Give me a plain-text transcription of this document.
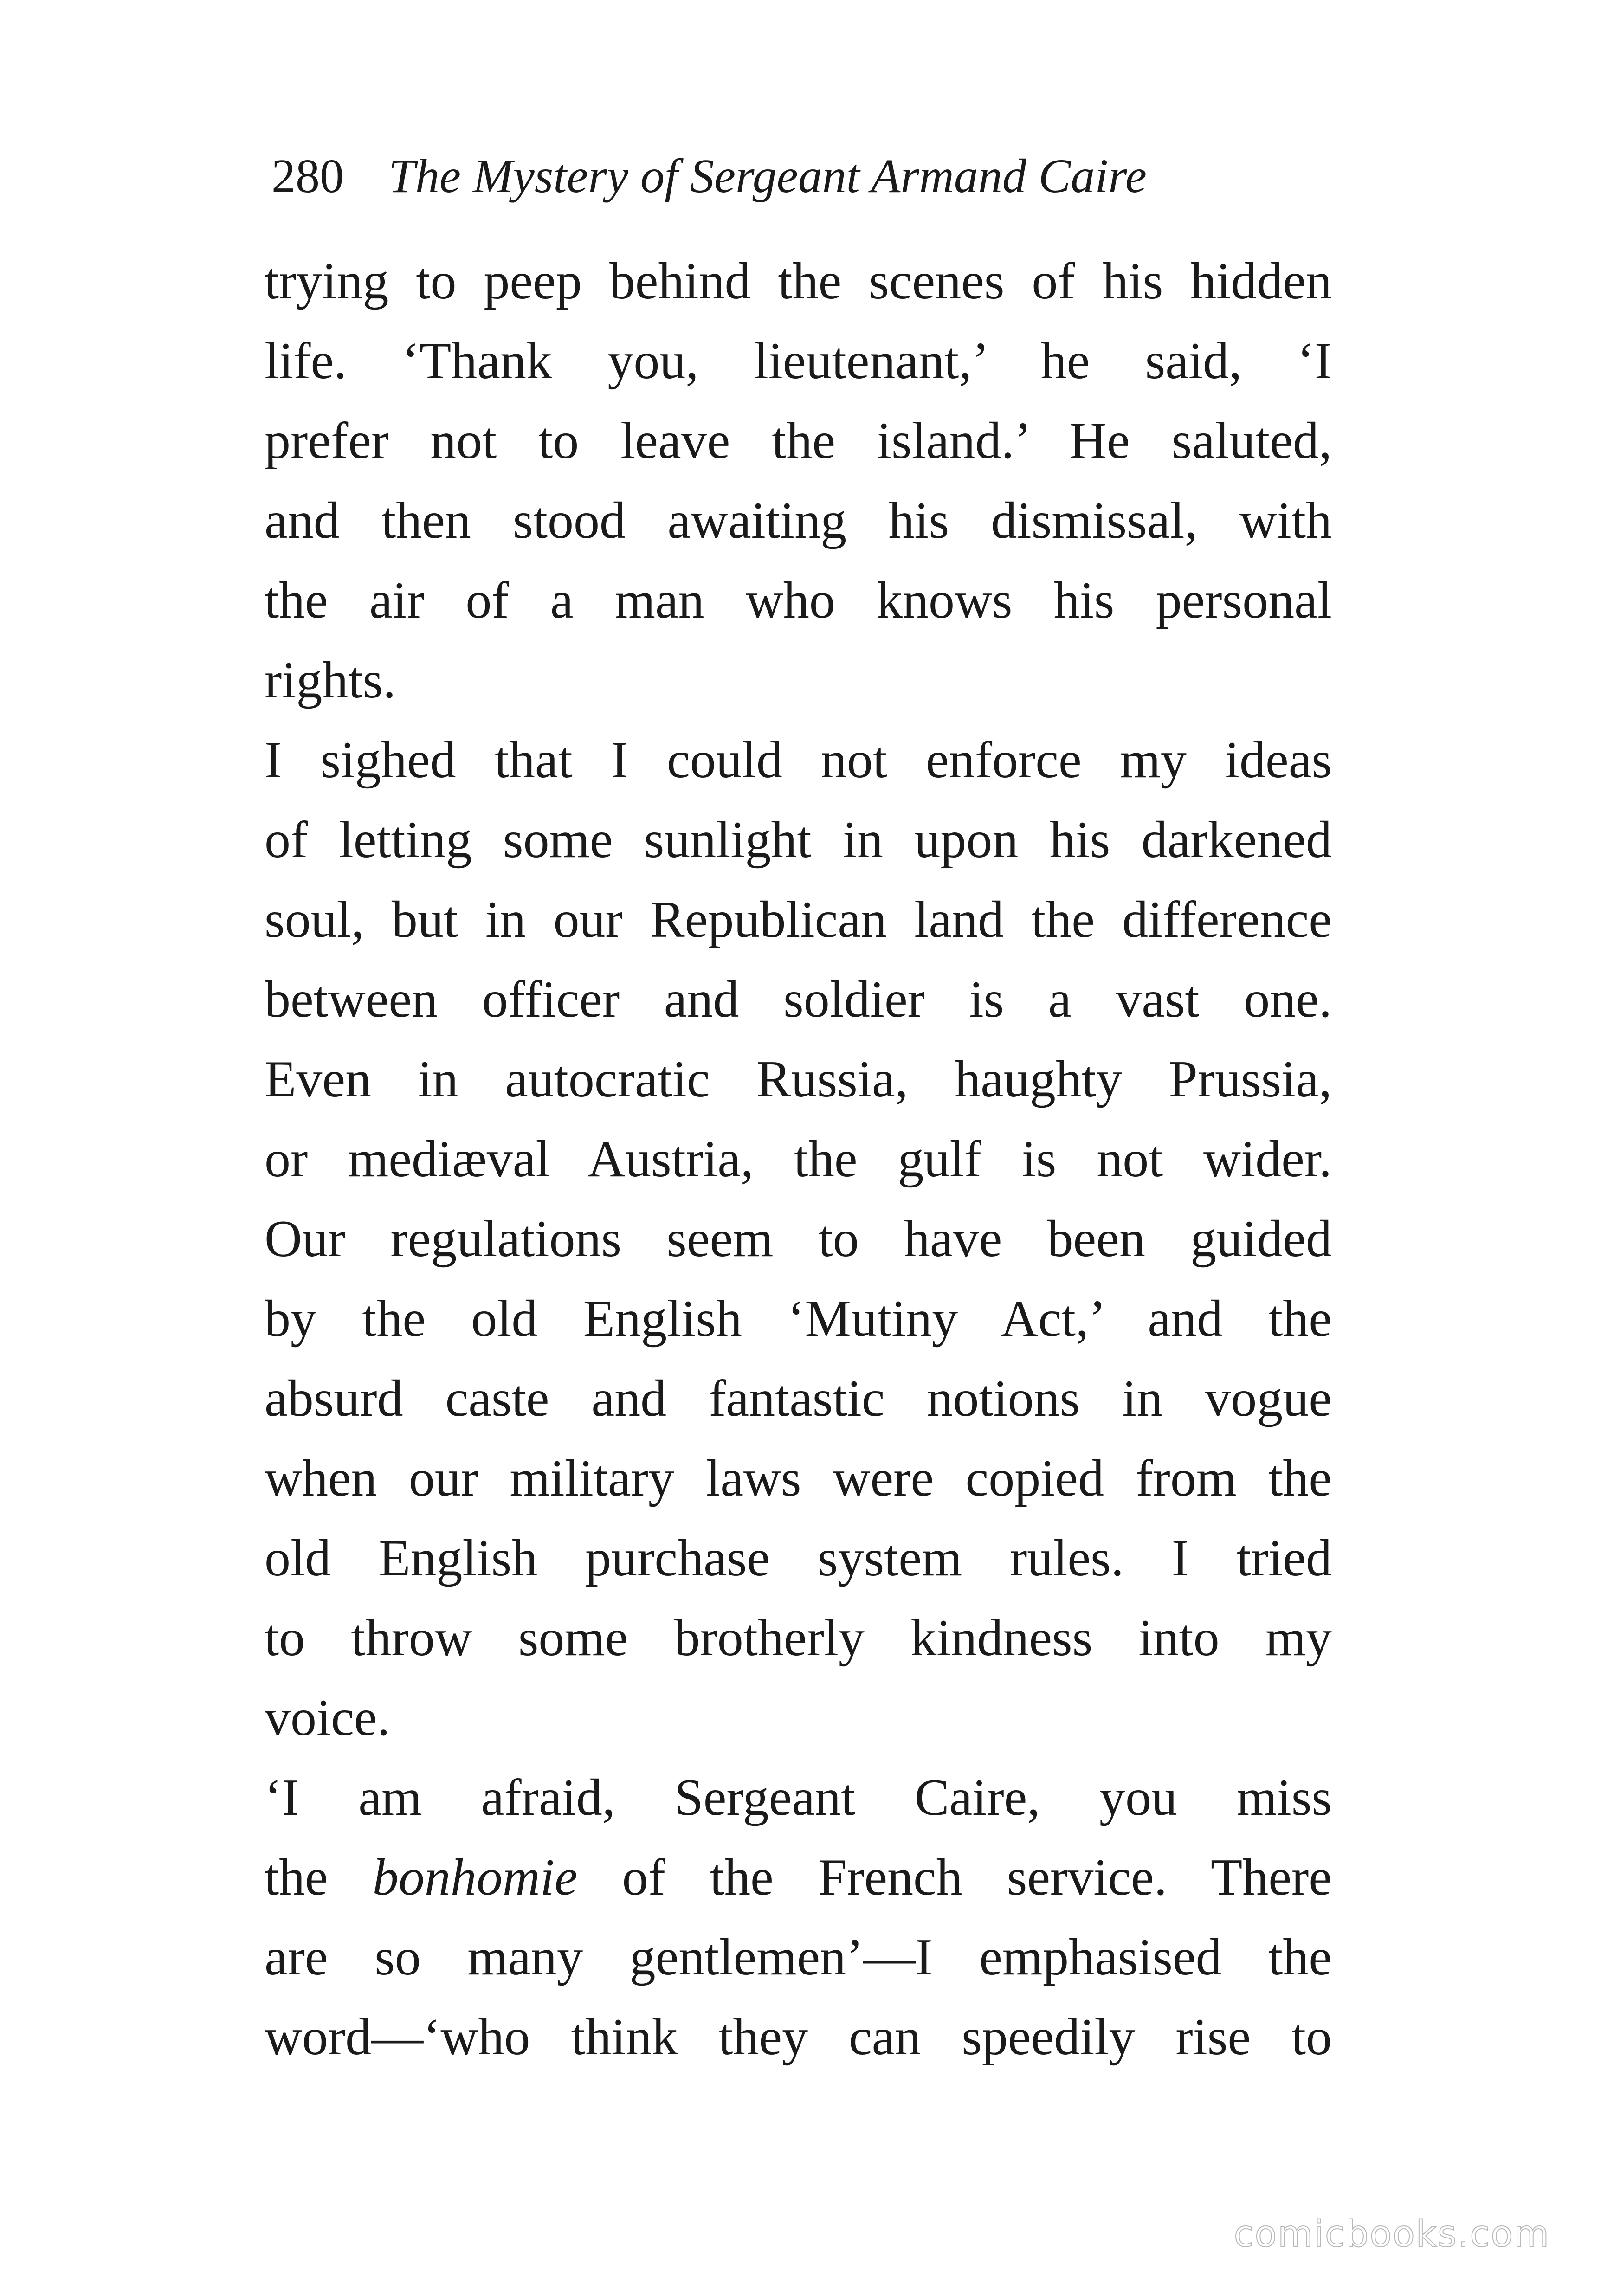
280 The Mystery of Sergeant Armand Caire
trying to peep behind the scenes of his hidden
life. ‘Thank you, lieutenant,’ he said, ‘I
prefer not to leave the island.’ He saluted,
and then stood awaiting his dismissal, with
the air of a man who knows his personal
rights.
I sighed that I could not enforce my ideas
of letting some sunlight in upon his darkened
soul, but in our Republican land the difference
between officer and soldier is a vast one.
Even in autocratic Russia, haughty Prussia,
or mediæval Austria, the gulf is not wider.
Our regulations seem to have been guided
by the old English ‘Mutiny Act,’ and the
absurd caste and fantastic notions in vogue
when our military laws were copied from the
old English purchase system rules. I tried
to throw some brotherly kindness into my
voice.
‘I am afraid, Sergeant Caire, you miss
the bonhomie of the French service. There
are so many gentlemen’—I emphasised the
word—‘who think they can speedily rise to
comicbooks.com
